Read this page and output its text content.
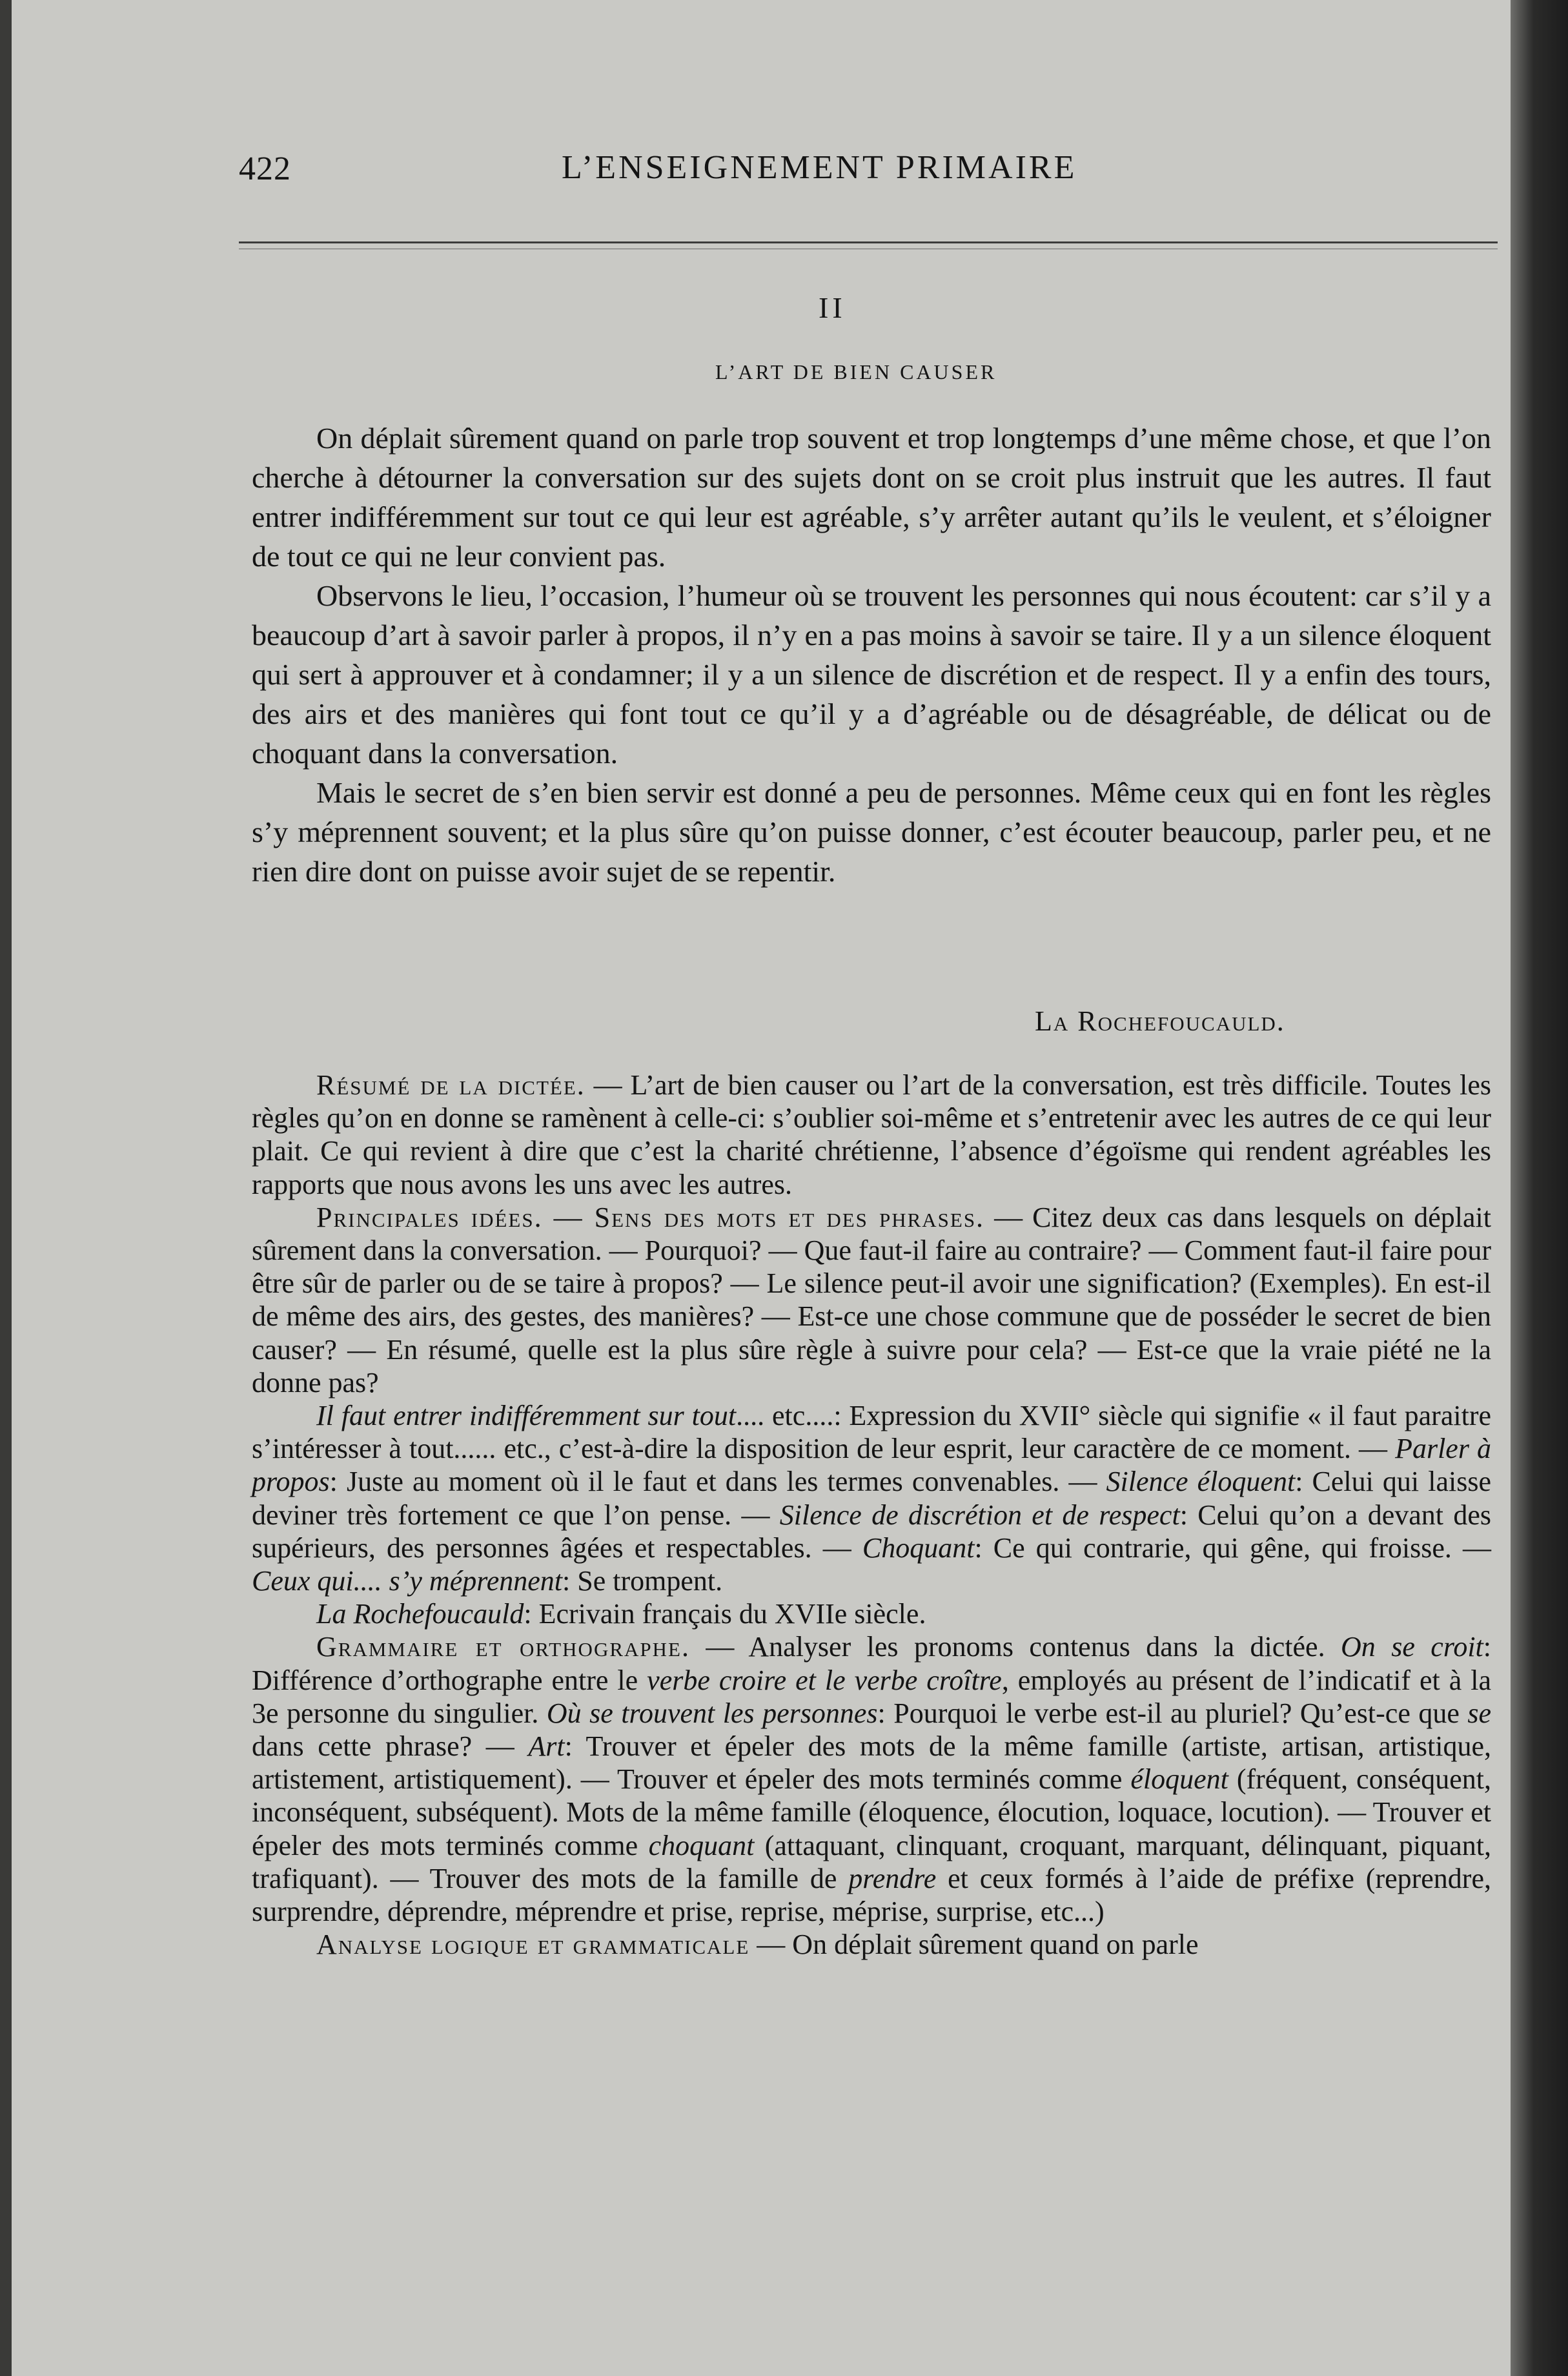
422	L’ENSEIGNEMENT PRIMAIRE
II
L’ART DE BIEN CAUSER

On déplait sûrement quand on parle trop souvent et trop longtemps d’une même chose, et que l’on cherche à détourner la conversation sur des sujets dont on se croit plus instruit que les autres. Il faut entrer indifféremment sur tout ce qui leur est agréable, s’y arrêter autant qu’ils le veulent, et s’éloigner de tout ce qui ne leur convient pas.

Observons le lieu, l’occasion, l’humeur où se trouvent les personnes qui nous écoutent: car s’il y a beaucoup d’art à savoir parler à propos, il n’y en a pas moins à savoir se taire. Il y a un silence éloquent qui sert à approuver et à condamner; il y a un silence de discrétion et de respect. Il y a enfin des tours, des airs et des manières qui font tout ce qu’il y a d’agréable ou de désagréable, de délicat ou de choquant dans la conversation.

Mais le secret de s’en bien servir est donné a peu de personnes. Même ceux qui en font les règles s’y méprennent souvent; et la plus sûre qu’on puisse donner, c’est écouter beaucoup, parler peu, et ne rien dire dont on puisse avoir sujet de se repentir.

La Rochefoucauld.

Résumé de la dictée. — L’art de bien causer ou l’art de la conversation, est très difficile. Toutes les règles qu’on en donne se ramènent à celle-ci: s’oublier soi-même et s’entretenir avec les autres de ce qui leur plait. Ce qui revient à dire que c’est la charité chrétienne, l’absence d’égoïsme qui rendent agréables les rapports que nous avons les uns avec les autres.

Principales idées. — Sens des mots et des phrases. — Citez deux cas dans lesquels on déplait sûrement dans la conversation. — Pourquoi? — Que faut-il faire au contraire? — Comment faut-il faire pour être sûr de parler ou de se taire à propos? — Le silence peut-il avoir une signification? (Exemples). En est-il de même des airs, des gestes, des manières? — Est-ce une chose commune que de posséder le secret de bien causer? — En résumé, quelle est la plus sûre règle à suivre pour cela? — Est-ce que la vraie piété ne la donne pas?

Il faut entrer indifféremment sur tout.... etc....: Expression du XVII° siècle qui signifie « il faut paraitre s’intéresser à tout...... etc., c’est-à-dire la disposition de leur esprit, leur caractère de ce moment. — Parler à propos: Juste au moment où il le faut et dans les termes convenables. — Silence éloquent: Celui qui laisse deviner très fortement ce que l’on pense. — Silence de discrétion et de respect: Celui qu’on a devant des supérieurs, des personnes âgées et respectables. — Choquant: Ce qui contrarie, qui gêne, qui froisse. — Ceux qui.... s’y méprennent: Se trompent.

La Rochefoucauld: Ecrivain français du XVIIe siècle.

Grammaire et orthographe. — Analyser les pronoms contenus dans la dictée. On se croit: Différence d’orthographe entre le verbe croire et le verbe croître, employés au présent de l’indicatif et à la 3e personne du singulier. Où se trouvent les personnes: Pourquoi le verbe est-il au pluriel? Qu’est-ce que se dans cette phrase? — Art: Trouver et épeler des mots de la même famille (artiste, artisan, artistique, artistement, artistiquement). — Trouver et épeler des mots terminés comme éloquent (fréquent, conséquent, inconséquent, subséquent). Mots de la même famille (éloquence, élocution, loquace, locution). — Trouver et épeler des mots terminés comme choquant (attaquant, clinquant, croquant, marquant, délinquant, piquant, trafiquant). — Trouver des mots de la famille de prendre et ceux formés à l’aide de préfixe (reprendre, surprendre, déprendre, méprendre et prise, reprise, méprise, surprise, etc...)

Analyse logique et grammaticale — On déplait sûrement quand on parle
